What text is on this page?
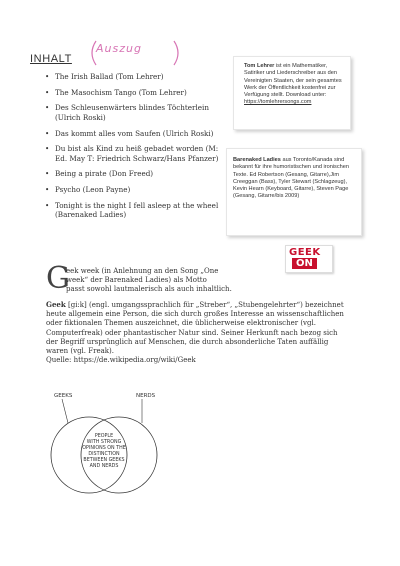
INHALT
Auszug
• The Irish Ballad (Tom Lehrer)
• The Masochism Tango (Tom Lehrer)
• Des Schleusenwärters blindes Töchterlein (Ulrich Roski)
• Das kommt alles vom Saufen (Ulrich Roski)
• Du bist als Kind zu heiß gebadet worden (M: Ed. May T: Friedrich Schwarz/Hans Pfanzer)
• Being a pirate (Don Freed)
• Psycho (Leon Payne)
• Tonight is the night I fell asleep at the wheel (Barenaked Ladies)
Tom Lehrer ist ein Mathematiker, Satiriker und Liederschreiber aus den Vereinigten Staaten, der sein gesamtes Werk der Öffentlichkeit kostenfrei zur Verfügung stellt. Download unter: https://tomlehrersongs.com
Barenaked Ladies aus Toronto/Kanada sind bekannt für ihre humoristischen und ironischen Texte. Ed Robertson (Gesang, Gitarre),Jim Creeggan (Bass), Tyler Stewart (Schlagzeug), Kevin Hearn (Keyboard, Gitarre), Steven Page (Gesang, Gitarre/bis 2009)
GEEK
ON
G
eek week (in Anlehnung an den Song „One
week“ der Barenaked Ladies) als Motto
passt sowohl lautmalerisch als auch inhaltlich.
Geek [gi:k] (engl. umgangssprachlich für „Streber“, „Stubengelehrter“) bezeichnet heute allgemein eine Person, die sich durch großes Interesse an wissenschaftlichen oder fiktionalen Themen auszeichnet, die üblicherweise elektronischer (vgl. Computerfreak) oder phantastischer Natur sind. Seiner Herkunft nach bezog sich der Begriff ursprünglich auf Menschen, die durch absonderliche Taten auffällig waren (vgl. Freak).
Quelle: https://de.wikipedia.org/wiki/Geek
GEEKS	NERDS
PEOPLE
WITH STRONG
OPINIONS ON THE
DISTINCTION
BETWEEN GEEKS
AND NERDS
